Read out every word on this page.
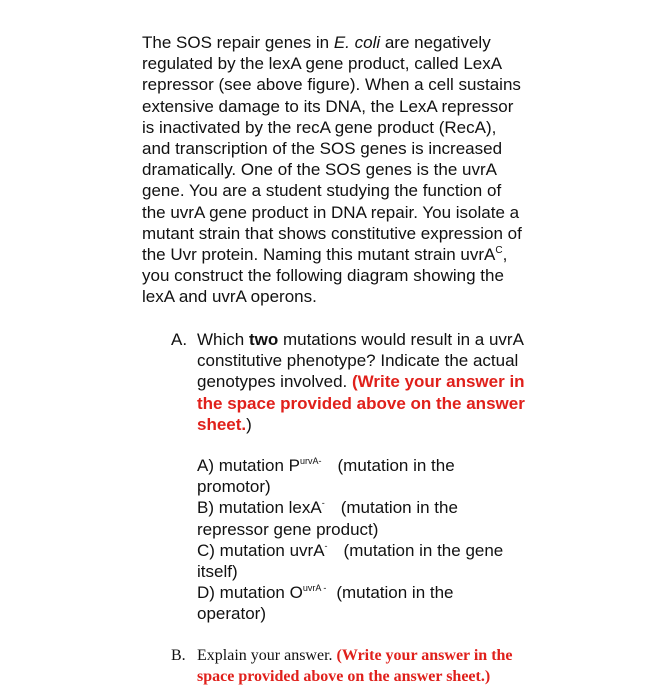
The SOS repair genes in E. coli are negatively
regulated by the lexA gene product, called LexA
repressor (see above figure). When a cell sustains
extensive damage to its DNA, the LexA repressor
is inactivated by the recA gene product (RecA),
and transcription of the SOS genes is increased
dramatically. One of the SOS genes is the uvrA
gene. You are a student studying the function of
the uvrA gene product in DNA repair. You isolate a
mutant strain that shows constitutive expression of
the Uvr protein. Naming this mutant strain uvrA$^C$,
you construct the following diagram showing the
lexA and uvrA operons.
A. Which two mutations would result in a uvrA
constitutive phenotype? Indicate the actual
genotypes involved. (Write your answer in
the space provided above on the answer
sheet.)
A) mutation $P^{urvA-}$ (mutation in the
promotor)
B) mutation lexA- (mutation in the
repressor gene product)
C) mutation uvrA- (mutation in the gene
itself)
D) mutation $O^{uvrA -}$ (mutation in the
operator)
B. Explain your answer. (Write your answer in the
space provided above on the answer sheet.)
